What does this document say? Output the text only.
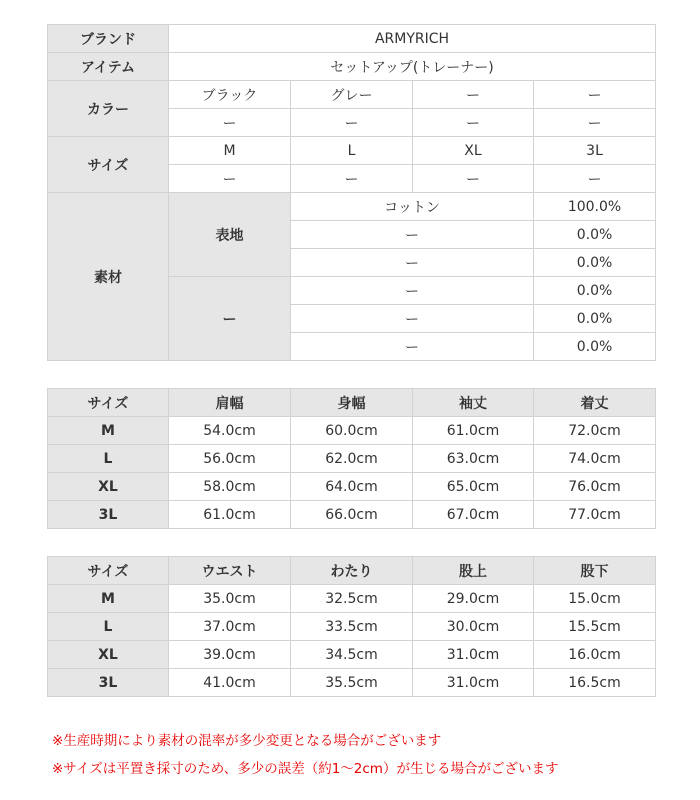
ブランド	ARMYRICH			
アイテム	セットアップ(トレーナー)			
カラー	ブラック	グレー	ー	ー
	ー	ー	ー	ー
サイズ	M	L	XL	3L
	ー	ー	ー	ー
素材	表地	コットン		100.0%
		ー		0.0%
		ー		0.0%
	ー	ー		0.0%
		ー		0.0%
		ー		0.0%
サイズ	肩幅	身幅	袖丈	着丈
M	54.0cm	60.0cm	61.0cm	72.0cm
L	56.0cm	62.0cm	63.0cm	74.0cm
XL	58.0cm	64.0cm	65.0cm	76.0cm
3L	61.0cm	66.0cm	67.0cm	77.0cm
サイズ	ウエスト	わたり	股上	股下
M	35.0cm	32.5cm	29.0cm	15.0cm
L	37.0cm	33.5cm	30.0cm	15.5cm
XL	39.0cm	34.5cm	31.0cm	16.0cm
3L	41.0cm	35.5cm	31.0cm	16.5cm
※生産時期により素材の混率が多少変更となる場合がございます
※サイズは平置き採寸のため、多少の誤差（約1～2cm）が生じる場合がございます
